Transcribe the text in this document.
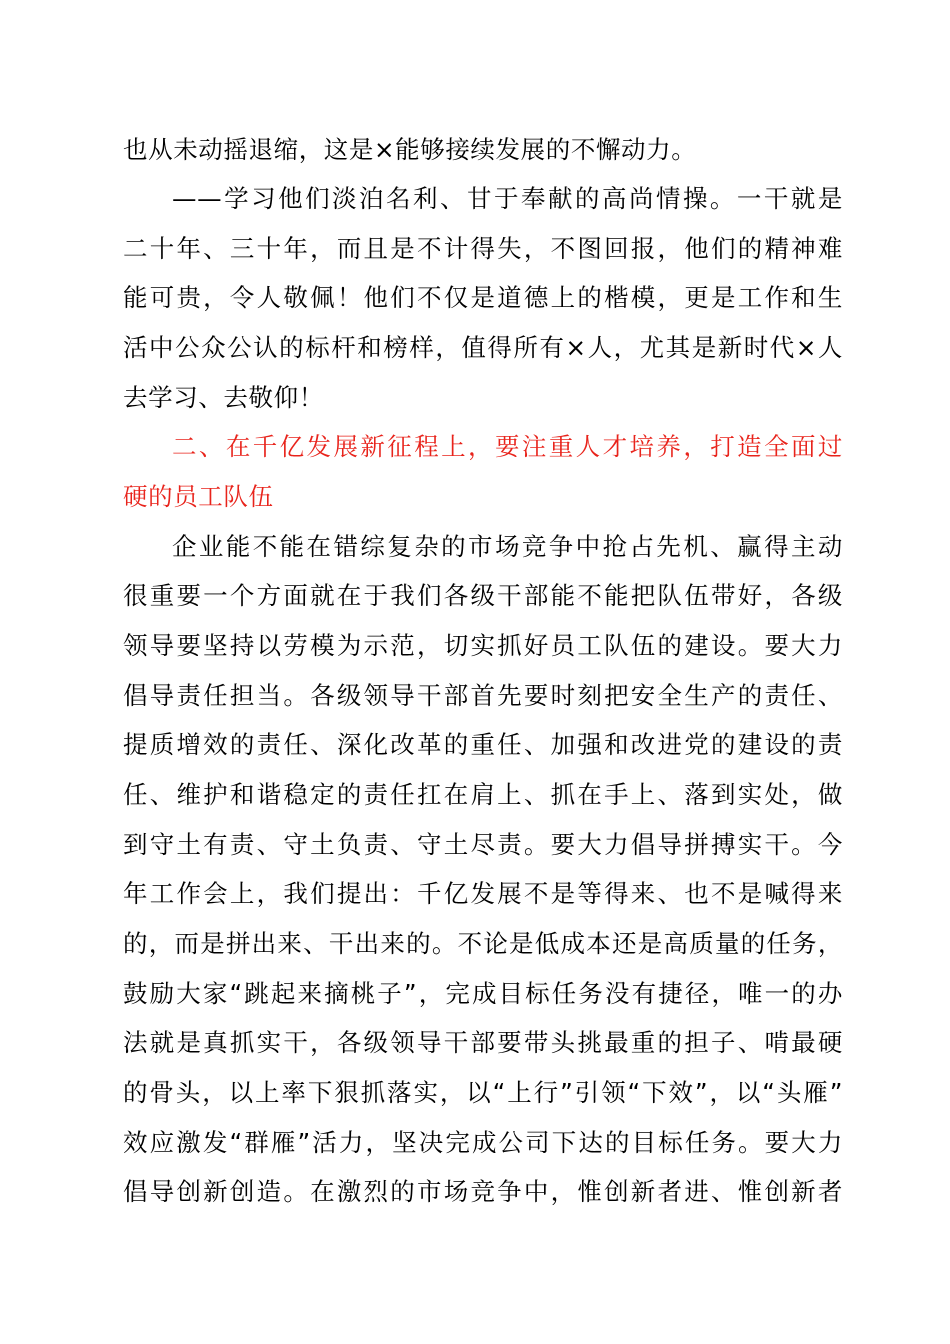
也从未动摇退缩，这是×能够接续发展的不懈动力。
——学习他们淡泊名利、甘于奉献的高尚情操。一干就是
二十年、三十年，而且是不计得失，不图回报，他们的精神难
能可贵，令人敬佩！他们不仅是道德上的楷模，更是工作和生
活中公众公认的标杆和榜样，值得所有×人，尤其是新时代×人
去学习、去敬仰！
二、在千亿发展新征程上，要注重人才培养，打造全面过
硬的员工队伍
企业能不能在错综复杂的市场竞争中抢占先机、赢得主动
很重要一个方面就在于我们各级干部能不能把队伍带好，各级
领导要坚持以劳模为示范，切实抓好员工队伍的建设。要大力
倡导责任担当。各级领导干部首先要时刻把安全生产的责任、
提质增效的责任、深化改革的重任、加强和改进党的建设的责
任、维护和谐稳定的责任扛在肩上、抓在手上、落到实处，做
到守土有责、守土负责、守土尽责。要大力倡导拼搏实干。今
年工作会上，我们提出：千亿发展不是等得来、也不是喊得来
的，而是拼出来、干出来的。不论是低成本还是高质量的任务，
鼓励大家“跳起来摘桃子”，完成目标任务没有捷径，唯一的办
法就是真抓实干，各级领导干部要带头挑最重的担子、啃最硬
的骨头，以上率下狠抓落实，以“上行”引领“下效”，以“头雁”
效应激发“群雁”活力，坚决完成公司下达的目标任务。要大力
倡导创新创造。在激烈的市场竞争中，惟创新者进、惟创新者
